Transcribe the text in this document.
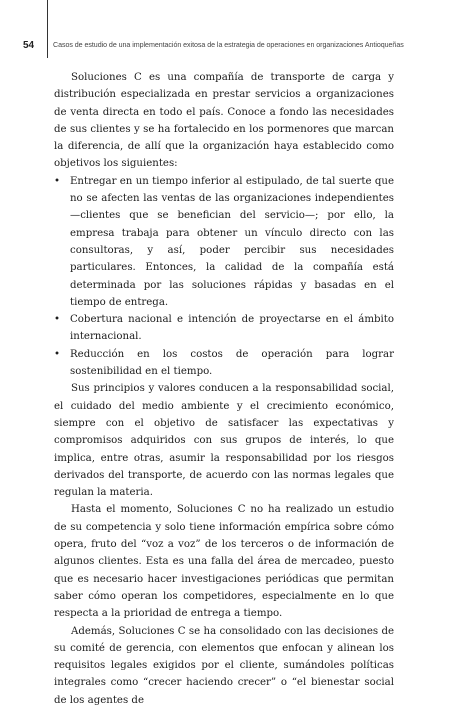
54	Casos de estudio de una implementación exitosa de la estrategia de operaciones en organizaciones Antioqueñas

Soluciones C es una compañía de transporte de carga y distribución especializada en prestar servicios a organizaciones de venta directa en todo el país. Conoce a fondo las necesidades de sus clientes y se ha fortalecido en los pormenores que marcan la diferencia, de allí que la organización haya establecido como objetivos los siguientes:

• Entregar en un tiempo inferior al estipulado, de tal suerte que no se afecten las ventas de las organizaciones independientes —clientes que se benefician del servicio—; por ello, la empresa trabaja para obtener un vínculo directo con las consultoras, y así, poder percibir sus necesidades particulares. Entonces, la calidad de la compañía está determinada por las soluciones rápidas y basadas en el tiempo de entrega.
• Cobertura nacional e intención de proyectarse en el ámbito internacional.
• Reducción en los costos de operación para lograr sostenibilidad en el tiempo.

Sus principios y valores conducen a la responsabilidad social, el cuidado del medio ambiente y el crecimiento económico, siempre con el objetivo de satisfacer las expectativas y compromisos adquiridos con sus grupos de interés, lo que implica, entre otras, asumir la responsabilidad por los riesgos derivados del transporte, de acuerdo con las normas legales que regulan la materia.

Hasta el momento, Soluciones C no ha realizado un estudio de su competencia y solo tiene información empírica sobre cómo opera, fruto del “voz a voz” de los terceros o de información de algunos clientes. Esta es una falla del área de mercadeo, puesto que es necesario hacer investigaciones periódicas que permitan saber cómo operan los competidores, especialmente en lo que respecta a la prioridad de entrega a tiempo.

Además, Soluciones C se ha consolidado con las decisiones de su comité de gerencia, con elementos que enfocan y alinean los requisitos legales exigidos por el cliente, sumándoles políticas integrales como “crecer haciendo crecer” o “el bienestar social de los agentes de
